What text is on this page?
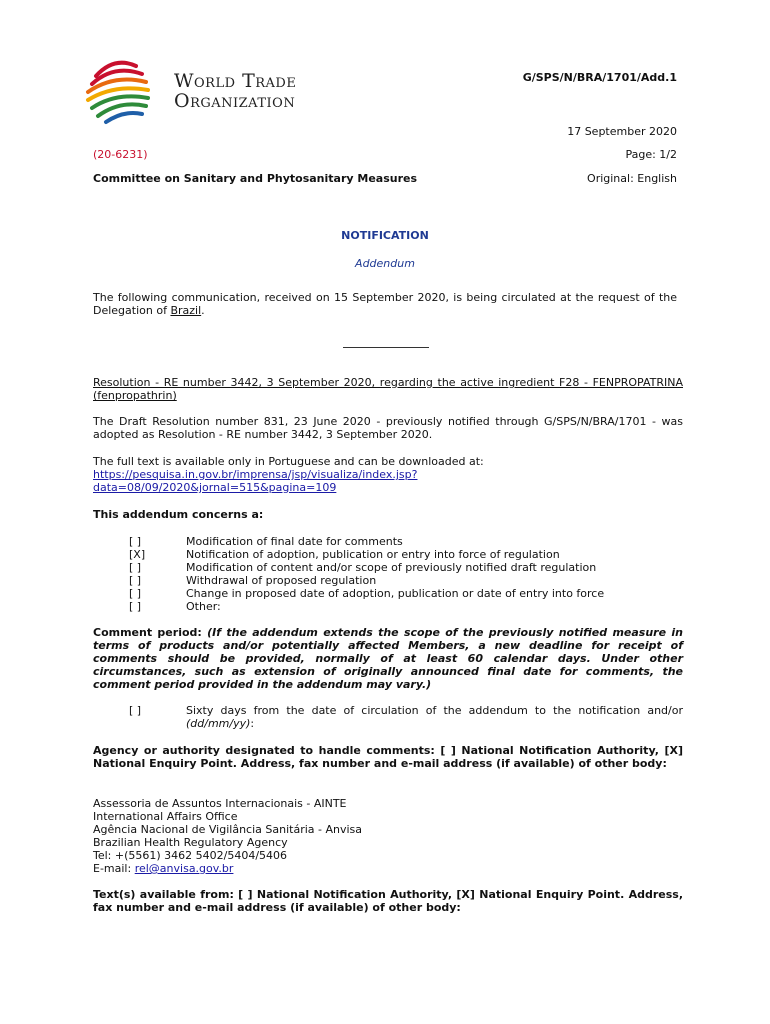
World Trade
Organization
G/SPS/N/BRA/1701/Add.1
17 September 2020
(20-6231)	Page: 1/2
Committee on Sanitary and Phytosanitary Measures	Original: English
NOTIFICATION
Addendum
The following communication, received on 15 September 2020, is being circulated at the request of the Delegation of Brazil.
Resolution - RE number 3442, 3 September 2020, regarding the active ingredient F28 - FENPROPATRINA (fenpropathrin)
The Draft Resolution number 831, 23 June 2020 - previously notified through G/SPS/N/BRA/1701 - was adopted as Resolution - RE number 3442, 3 September 2020.
The full text is available only in Portuguese and can be downloaded at:
https://pesquisa.in.gov.br/imprensa/jsp/visualiza/index.jsp?
data=08/09/2020&jornal=515&pagina=109
This addendum concerns a:
[ ]	Modification of final date for comments
[X]	Notification of adoption, publication or entry into force of regulation
[ ]	Modification of content and/or scope of previously notified draft regulation
[ ]	Withdrawal of proposed regulation
[ ]	Change in proposed date of adoption, publication or date of entry into force
[ ]	Other:
Comment period: (If the addendum extends the scope of the previously notified measure in terms of products and/or potentially affected Members, a new deadline for receipt of comments should be provided, normally of at least 60 calendar days. Under other circumstances, such as extension of originally announced final date for comments, the comment period provided in the addendum may vary.)
[ ]	Sixty days from the date of circulation of the addendum to the notification and/or (dd/mm/yy):
Agency or authority designated to handle comments: [ ] National Notification Authority, [X] National Enquiry Point. Address, fax number and e-mail address (if available) of other body:
Assessoria de Assuntos Internacionais - AINTE
International Affairs Office
Agência Nacional de Vigilância Sanitária - Anvisa
Brazilian Health Regulatory Agency
Tel: +(5561) 3462 5402/5404/5406
E-mail: rel@anvisa.gov.br
Text(s) available from: [ ] National Notification Authority, [X] National Enquiry Point. Address, fax number and e-mail address (if available) of other body:
